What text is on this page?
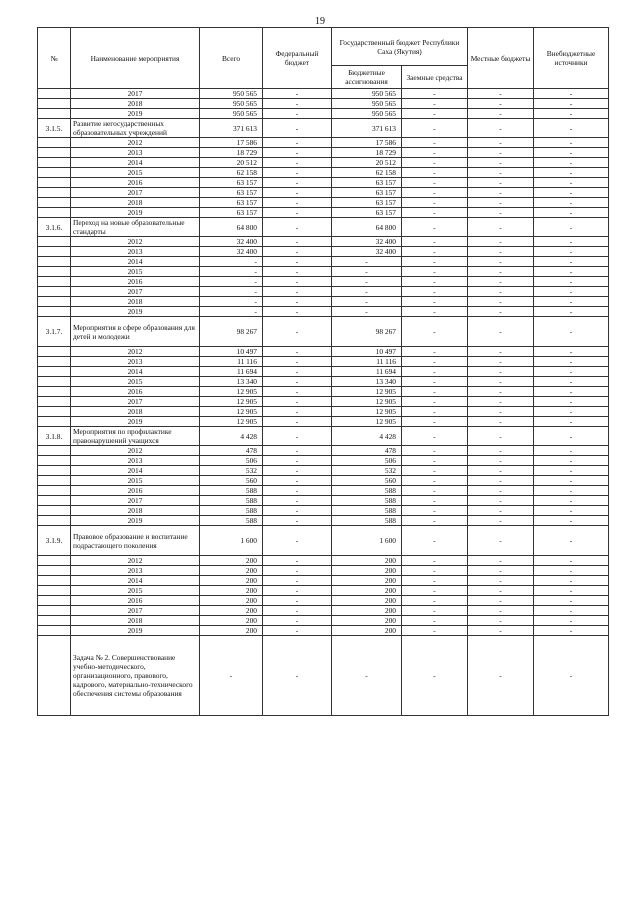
19
№	Наименование мероприятия	Всего	Федеральный бюджет	Государственный бюджет Республики Саха (Якутия)		Местные бюджеты	Внебюджетные источники
				Бюджетные ассигнования	Заемные средства		
	2017	950 565	-	950 565	-	-	-
	2018	950 565	-	950 565	-	-	-
	2019	950 565	-	950 565	-	-	-
3.1.5.	Развитие негосударственных образовательных учреждений	371 613	-	371 613	-	-	-
	2012	17 586	-	17 586	-	-	-
	2013	18 729	-	18 729	-	-	-
	2014	20 512	-	20 512	-	-	-
	2015	62 158	-	62 158	-	-	-
	2016	63 157	-	63 157	-	-	-
	2017	63 157	-	63 157	-	-	-
	2018	63 157	-	63 157	-	-	-
	2019	63 157	-	63 157	-	-	-
3.1.6.	Переход на новые образовательные стандарты	64 800	-	64 800	-	-	-
	2012	32 400	-	32 400	-	-	-
	2013	32 400	-	32 400	-	-	-
	2014	-	-	-	-	-	-
	2015	-	-	-	-	-	-
	2016	-	-	-	-	-	-
	2017	-	-	-	-	-	-
	2018	-	-	-	-	-	-
	2019	-	-	-	-	-	-
3.1.7.	Мероприятия в сфере образования для детей и молодежи	98 267	-	98 267	-	-	-
	2012	10 497	-	10 497	-	-	-
	2013	11 116	-	11 116	-	-	-
	2014	11 694	-	11 694	-	-	-
	2015	13 340	-	13 340	-	-	-
	2016	12 905	-	12 905	-	-	-
	2017	12 905	-	12 905	-	-	-
	2018	12 905	-	12 905	-	-	-
	2019	12 905	-	12 905	-	-	-
3.1.8.	Мероприятия по профилактике правонарушений учащихся	4 428	-	4 428	-	-	-
	2012	478	-	478	-	-	-
	2013	506	-	506	-	-	-
	2014	532	-	532	-	-	-
	2015	560	-	560	-	-	-
	2016	588	-	588	-	-	-
	2017	588	-	588	-	-	-
	2018	588	-	588	-	-	-
	2019	588	-	588	-	-	-
3.1.9.	Правовое образование и воспитание подрастающего поколения	1 600	-	1 600	-	-	-
	2012	200	-	200	-	-	-
	2013	200	-	200	-	-	-
	2014	200	-	200	-	-	-
	2015	200	-	200	-	-	-
	2016	200	-	200	-	-	-
	2017	200	-	200	-	-	-
	2018	200	-	200	-	-	-
	2019	200	-	200	-	-	-
	Задача № 2. Совершенствование учебно-методического, организационного, правового, кадрового, материально-технического обеспечения системы образования	-	-	-	-	-	-
